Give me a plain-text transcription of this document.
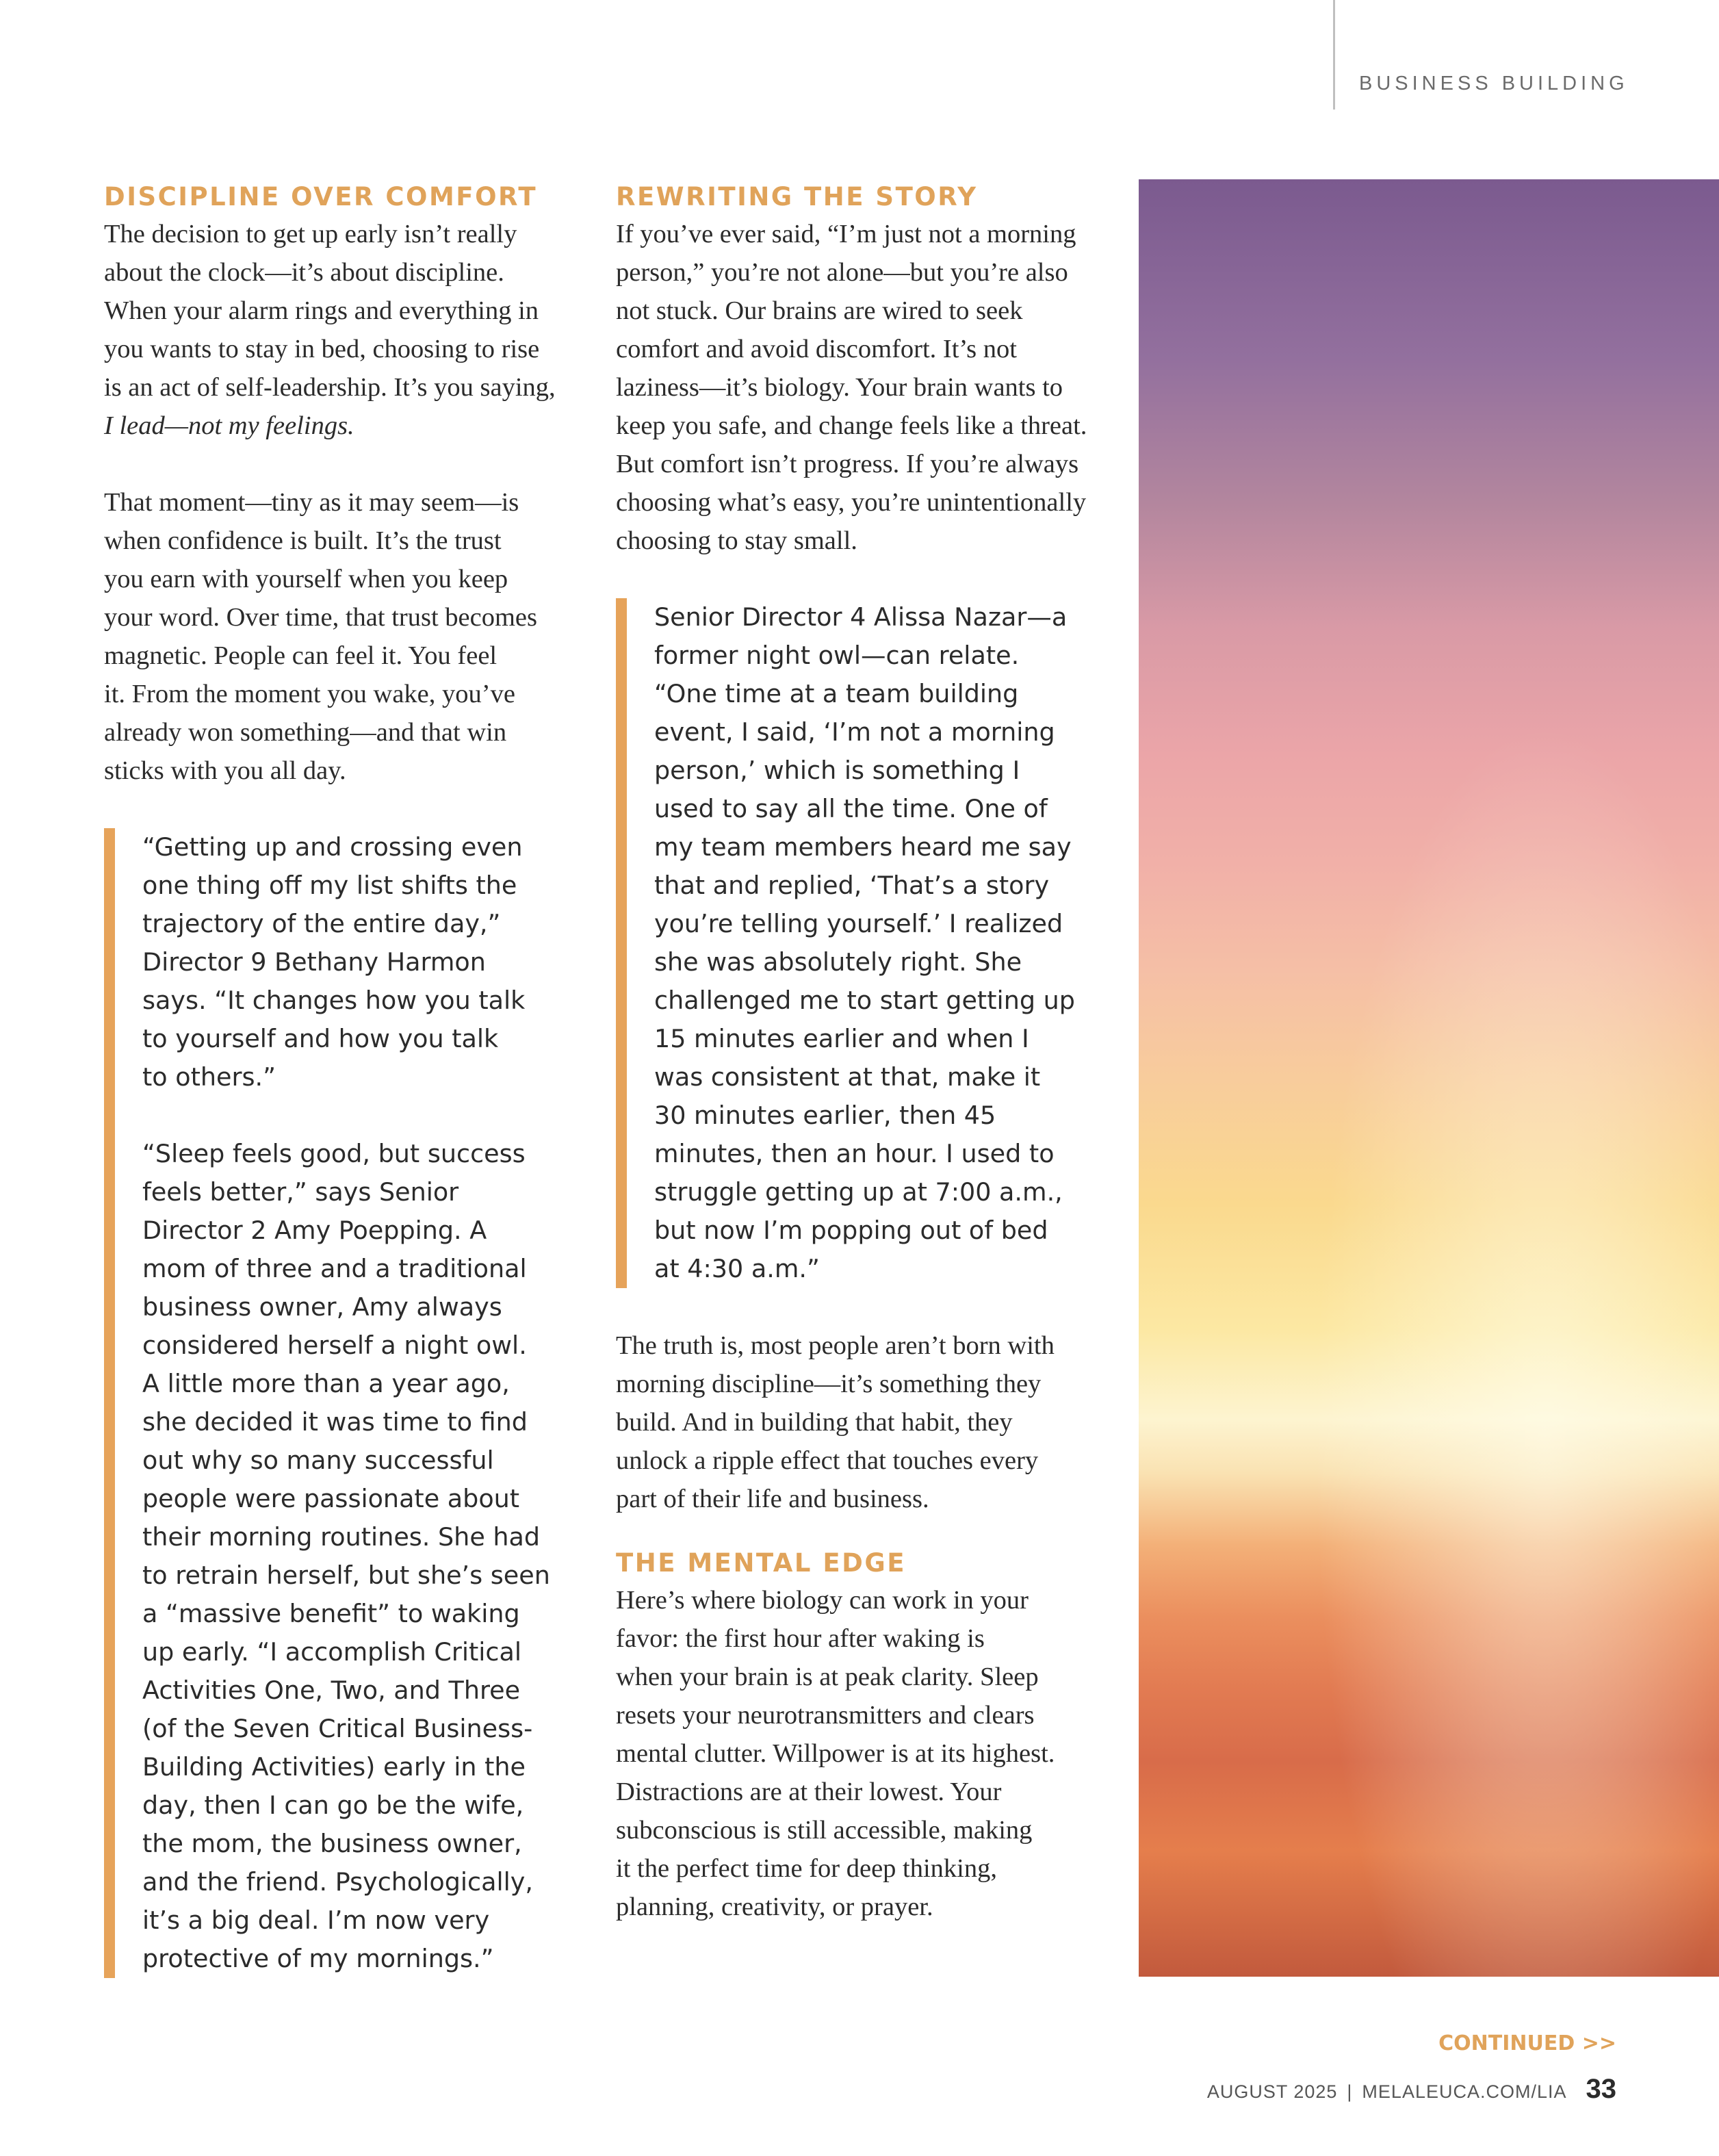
BUSINESS BUILDING
DISCIPLINE OVER COMFORT

The decision to get up early isn’t really
about the clock—it’s about discipline.
When your alarm rings and everything in
you wants to stay in bed, choosing to rise
is an act of self-leadership. It’s you saying,

I lead—not my feelings.

That moment—tiny as it may seem—is
when confidence is built. It’s the trust
you earn with yourself when you keep
your word. Over time, that trust becomes
magnetic. People can feel it. You feel
it. From the moment you wake, you’ve
already won something—and that win
sticks with you all day.

“Getting up and crossing even
one thing off my list shifts the
trajectory of the entire day,”
Director 9 Bethany Harmon
says. “It changes how you talk
to yourself and how you talk
to others.”

“Sleep feels good, but success
feels better,” says Senior
Director 2 Amy Poepping. A
mom of three and a traditional
business owner, Amy always
considered herself a night owl.
A little more than a year ago,
she decided it was time to find
out why so many successful
people were passionate about
their morning routines. She had
to retrain herself, but she’s seen
a “massive benefit” to waking
up early. “I accomplish Critical
Activities One, Two, and Three
(of the Seven Critical Business-
Building Activities) early in the
day, then I can go be the wife,
the mom, the business owner,
and the friend. Psychologically,
it’s a big deal. I’m now very
protective of my mornings.”

REWRITING THE STORY

If you’ve ever said, “I’m just not a morning
person,” you’re not alone—but you’re also
not stuck. Our brains are wired to seek
comfort and avoid discomfort. It’s not
laziness—it’s biology. Your brain wants to
keep you safe, and change feels like a threat.
But comfort isn’t progress. If you’re always
choosing what’s easy, you’re unintentionally
choosing to stay small.

Senior Director 4 Alissa Nazar—a
former night owl—can relate.
“One time at a team building
event, I said, ‘I’m not a morning
person,’ which is something I
used to say all the time. One of
my team members heard me say
that and replied, ‘That’s a story
you’re telling yourself.’ I realized
she was absolutely right. She
challenged me to start getting up
15 minutes earlier and when I
was consistent at that, make it
30 minutes earlier, then 45
minutes, then an hour. I used to
struggle getting up at 7:00 a.m.,
but now I’m popping out of bed
at 4:30 a.m.”

The truth is, most people aren’t born with
morning discipline—it’s something they
build. And in building that habit, they
unlock a ripple effect that touches every
part of their life and business.

THE MENTAL EDGE

Here’s where biology can work in your
favor: the first hour after waking is
when your brain is at peak clarity. Sleep
resets your neurotransmitters and clears
mental clutter. Willpower is at its highest.
Distractions are at their lowest. Your
subconscious is still accessible, making
it the perfect time for deep thinking,
planning, creativity, or prayer.

CONTINUED >>
AUGUST 2025 | MELALEUCA.COM/LIA 33
